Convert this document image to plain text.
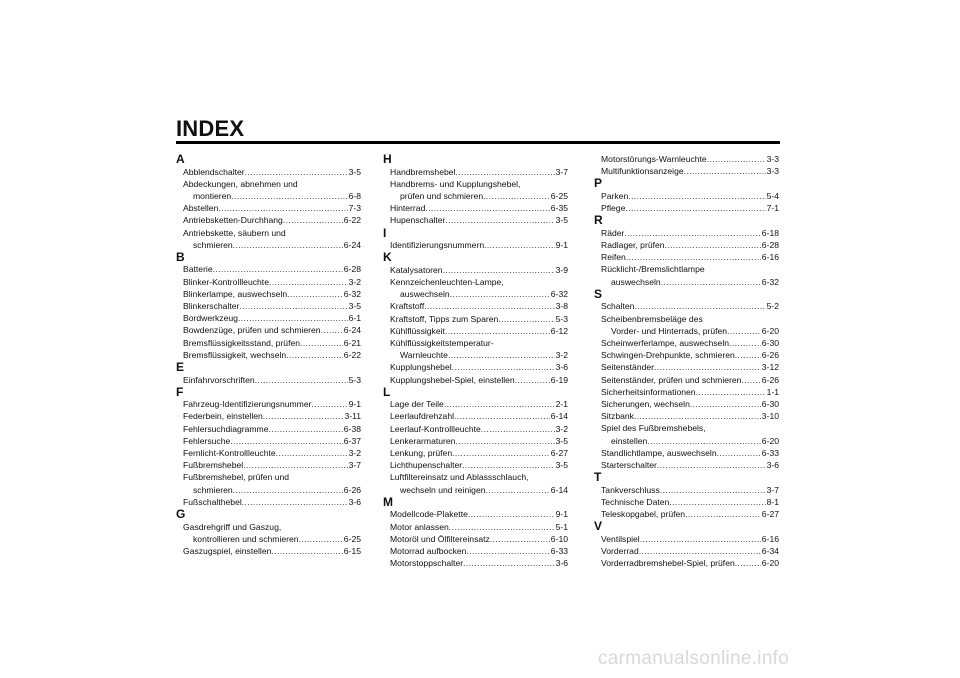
INDEX
A
Abblendschalter .....	3-5
Abdeckungen, abnehmen und
montieren .....	6-8
Abstellen .....	7-3
Antriebsketten-Durchhang .....	6-22
Antriebskette, säubern und
schmieren .....	6-24
B
Batterie .....	6-28
Blinker-Kontrollleuchte .....	3-2
Blinkerlampe, auswechseln .....	6-32
Blinkerschalter .....	3-5
Bordwerkzeug .....	6-1
Bowdenzüge, prüfen und schmieren .....	6-24
Bremsflüssigkeitsstand, prüfen .....	6-21
Bremsflüssigkeit, wechseln .....	6-22
E
Einfahrvorschriften .....	5-3
F
Fahrzeug-Identifizierungsnummer .....	9-1
Federbein, einstellen .....	3-11
Fehlersuchdiagramme .....	6-38
Fehlersuche .....	6-37
Fernlicht-Kontrollleuchte .....	3-2
Fußbremshebel .....	3-7
Fußbremshebel, prüfen und
schmieren .....	6-26
Fußschalthebel .....	3-6
G
Gasdrehgriff und Gaszug,
kontrollieren und schmieren .....	6-25
Gaszugspiel, einstellen .....	6-15
H
Handbremshebel .....	3-7
Handbrems- und Kupplungshebel,
prüfen und schmieren .....	6-25
Hinterrad .....	6-35
Hupenschalter .....	3-5
I
Identifizierungsnummern .....	9-1
K
Katalysatoren .....	3-9
Kennzeichenleuchten-Lampe,
auswechseln .....	6-32
Kraftstoff .....	3-8
Kraftstoff, Tipps zum Sparen .....	5-3
Kühlflüssigkeit .....	6-12
Kühlflüssigkeitstemperatur-
Warnleuchte .....	3-2
Kupplungshebel .....	3-6
Kupplungshebel-Spiel, einstellen .....	6-19
L
Lage der Teile .....	2-1
Leerlaufdrehzahl .....	6-14
Leerlauf-Kontrollleuchte .....	3-2
Lenkerarmaturen .....	3-5
Lenkung, prüfen .....	6-27
Lichthupenschalter .....	3-5
Luftfiltereinsatz und Ablassschlauch,
wechseln und reinigen .....	6-14
M
Modellcode-Plakette .....	9-1
Motor anlassen .....	5-1
Motoröl und Ölfiltereinsatz .....	6-10
Motorrad aufbocken .....	6-33
Motorstoppschalter .....	3-6
Motorstörungs-Warnleuchte .....	3-3
Multifunktionsanzeige .....	3-3
P
Parken .....	5-4
Pflege .....	7-1
R
Räder .....	6-18
Radlager, prüfen .....	6-28
Reifen .....	6-16
Rücklicht-/Bremslichtlampe
auswechseln .....	6-32
S
Schalten .....	5-2
Scheibenbremsbeläge des
Vorder- und Hinterrads, prüfen .....	6-20
Scheinwerferlampe, auswechseln .....	6-30
Schwingen-Drehpunkte, schmieren .....	6-26
Seitenständer .....	3-12
Seitenständer, prüfen und schmieren ..... 6-26
Sicherheitsinformationen .....	1-1
Sicherungen, wechseln .....	6-30
Sitzbank .....	3-10
Spiel des Fußbremshebels,
einstellen .....	6-20
Standlichtlampe, auswechseln .....	6-33
Starterschalter .....	3-6
T
Tankverschluss .....	3-7
Technische Daten .....	8-1
Teleskopgabel, prüfen .....	6-27
V
Ventilspiel .....	6-16
Vorderrad .....	6-34
Vorderradbremshebel-Spiel, prüfen .....	6-20
carmanualsonline.info
